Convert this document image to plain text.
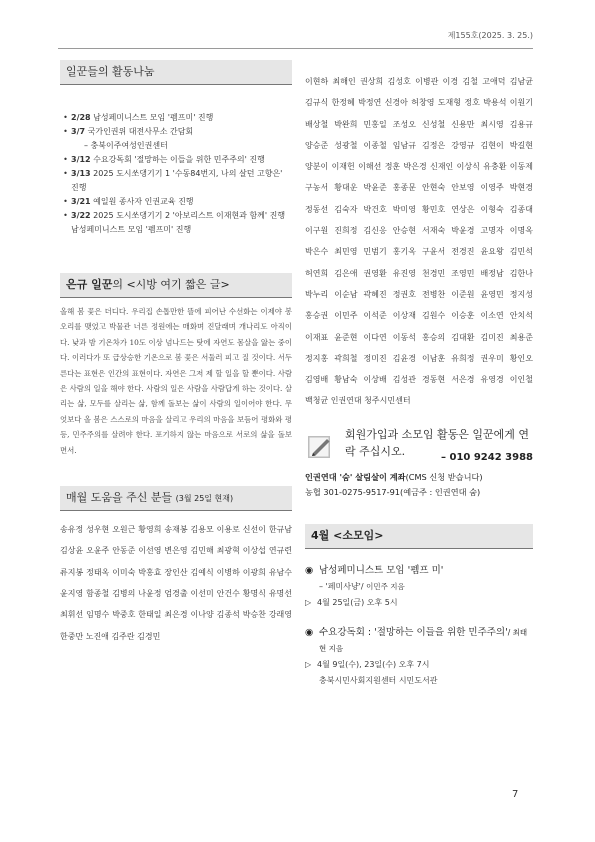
제155호(2025. 3. 25.)
일꾼들의 활동나눔
• 2/28 남성페미니스트 모임 '펨프미' 진행
• 3/7 국가인권위 대전사무소 간담회
– 충북이주여성인권센터
• 3/12 수요강독회 '절망하는 이들을 위한 민주주의' 진행
• 3/13 2025 도시쏘댕기기 1 '수동84번지, 나의 살던 고향은' 진행
• 3/21 예일원 종사자 인권교육 진행
• 3/22 2025 도시쏘댕기기 2 '아보리스트 이재현과 함께' 진행
남성페미니스트 모임 '펨프미' 진행
은규 일꾼의 <시방 여기 짧은 글>

올해 봄 꽃은 더디다. 우리집 손톱만한 뜰에 피어난 수선화는 이제야 봉오리를 맺었고 박물관 너른 정원에는 매화며 진달래며 개나리도 아직이다. 낮과 밤 기온차가 10도 이상 넘나드는 탓에 자연도 몸살을 앓는 중이다. 이러다가 또 급상승한 기온으로 봄 꽃은 서둘러 피고 질 것이다. 서두른다는 표현은 인간의 표현이다. 자연은 그저 제 할 일을 할 뿐이다. 사람은 사람의 일을 해야 한다. 사람의 일은 사람을 사람답게 하는 것이다. 살리는 삶, 모두를 살리는 삶, 함께 돌보는 삶이 사람의 일이어야 한다. 무엇보다 올 봄은 스스로의 마음을 살리고 우리의 마음을 보듬어 평화와 평등, 민주주의를 살려야 한다. 포기하지 않는 마음으로 서로의 삶을 돌보면서.

매월 도움을 주신 분들 (3월 25일 현재)
송유정 성우현 오원근 황영희 송재봉 김용모 이용로 신선이 한규남 김상윤 오윤주 안동준 이선영 변은영 김민해 최광혁 이상섭 연규련 류지봉 정태옥 이미숙 박홍효 장인산 김예식 이병하 이광희 유남수 윤지영 함종철 김병의 나윤정 엄경출 이선미 안건수 황명식 유명선 최휘선 임명수 박중호 한태일 최은경 이나양 김종석 박승찬 강래영 한중만 노진애 김주란 김경민
이현하 최해인 권상희 김성호 이병관 이경 김철 고애덕 김남균 김규식 한정혜 박정연 신경아 허창영 도재형 정호 박용석 이원기 배상철 박완희 민홍일 조성오 신성철 신용만 최시영 김용규 양승준 성광철 이종철 임남규 김정은 강영규 김현이 박길현 양분이 이재헌 이해선 정훈 박은경 신재인 이상식 유충환 이동제 구농서 황대운 박윤준 홍종문 안현숙 안보영 이영주 박현경 정동선 김숙자 박건호 박미영 황민호 연상은 이형숙 김종대 이구원 진희정 김신응 안승현 서재숙 박윤경 고명자 이명옥 박은수 최민영 민범기 홍기옥 구윤서 전경진 윤요왕 김민석 허연희 김은애 권영환 유진영 천경민 조영민 배정남 김한나 박누리 이순남 곽혜진 정권호 전병찬 이준원 윤영민 정지성 홍승권 이민주 이석준 이상재 김원수 이승훈 이소연 안치석 이재표 윤준현 이다연 이동석 홍승의 김대환 김미진 최용준 정지홍 곽희철 정미진 김윤경 이남훈 유희정 권우미 황인오 김영배 황남숙 이상배 김성관 경동현 서은경 유영경 이인철 백청균 인권연대 청주시민센터
회원가입과 소모임 활동은 일꾼에게 연락 주십시오.	– 010 9242 3988
인권연대 '숨' 살림살이 계좌(CMS 신청 받습니다)
농협 301-0275-9517-91(예금주 : 인권연대 숨)
4월 <소모임>
◉ 남성페미니스트 모임 '펨프 미'
– '페미사냥'/ 이민주 지음
▷ 4월 25일(금) 오후 5시
◉ 수요강독회 : '절망하는 이들을 위한 민주주의'/ 최태현 지음
▷ 4월 9일(수), 23일(수) 오후 7시
충북시민사회지원센터 시민도서관
7
